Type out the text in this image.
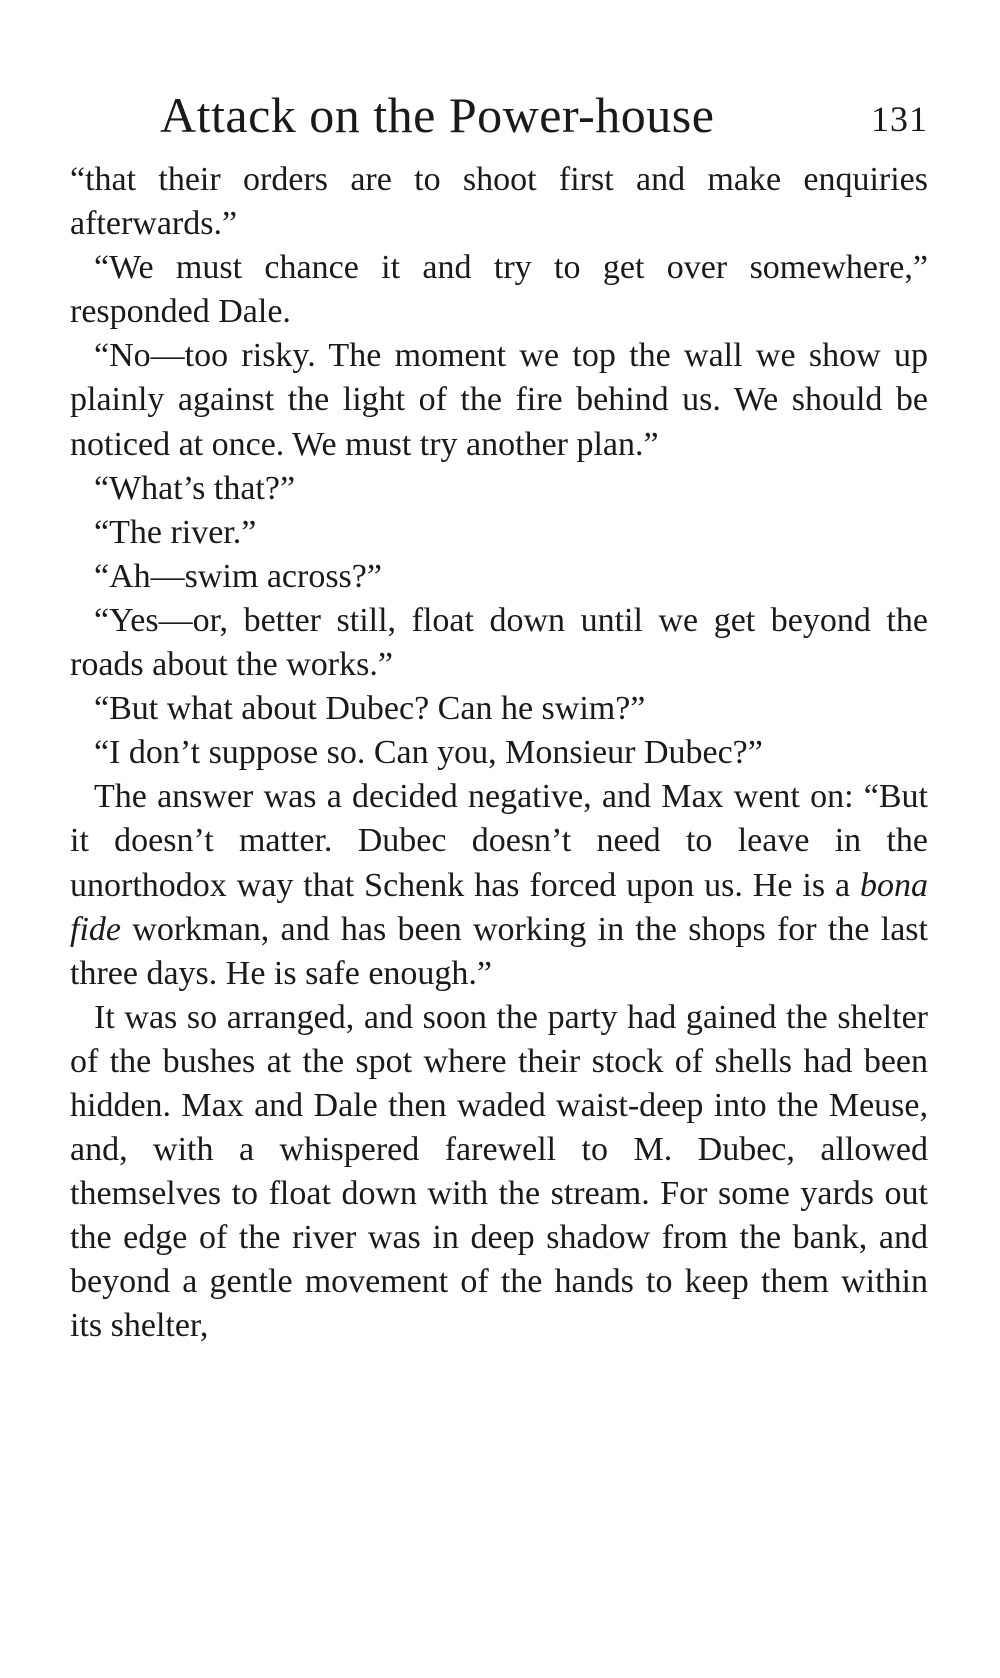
Attack on the Power-house	131

“that their orders are to shoot first and make enquiries afterwards.”

“We must chance it and try to get over somewhere,” responded Dale.

“No—too risky. The moment we top the wall we show up plainly against the light of the fire behind us. We should be noticed at once. We must try another plan.”

“What’s that?”

“The river.”

“Ah—swim across?”

“Yes—or, better still, float down until we get beyond the roads about the works.”

“But what about Dubec? Can he swim?”

“I don’t suppose so. Can you, Monsieur Dubec?”

The answer was a decided negative, and Max went on: “But it doesn’t matter. Dubec doesn’t need to leave in the unorthodox way that Schenk has forced upon us. He is a bona fide workman, and has been working in the shops for the last three days. He is safe enough.”

It was so arranged, and soon the party had gained the shelter of the bushes at the spot where their stock of shells had been hidden. Max and Dale then waded waist-deep into the Meuse, and, with a whispered farewell to M. Dubec, allowed themselves to float down with the stream. For some yards out the edge of the river was in deep shadow from the bank, and beyond a gentle movement of the hands to keep them within its shelter,
